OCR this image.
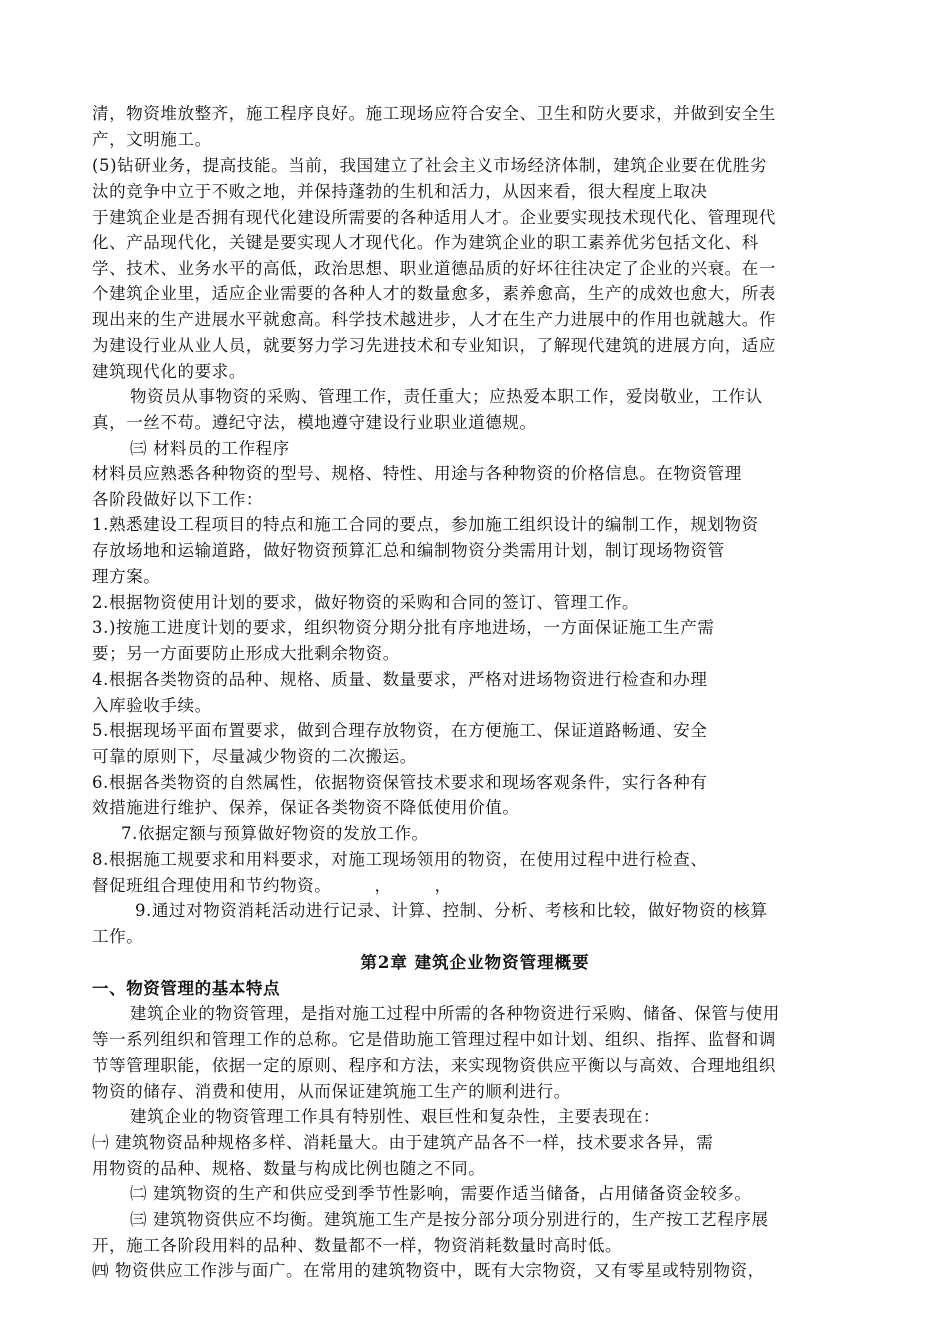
清，物资堆放整齐，施工程序良好。施工现场应符合安全、卫生和防火要求，并做到安全生
产，文明施工。
(5)钻研业务，提高技能。当前，我国建立了社会主义市场经济体制，建筑企业要在优胜劣
汰的竞争中立于不败之地，并保持蓬勃的生机和活力，从因来看，很大程度上取决
于建筑企业是否拥有现代化建设所需要的各种适用人才。企业要实现技术现代化、管理现代
化、产品现代化，关键是要实现人才现代化。作为建筑企业的职工素养优劣包括文化、科
学、技术、业务水平的高低，政治思想、职业道德品质的好坏往往决定了企业的兴衰。在一
个建筑企业里，适应企业需要的各种人才的数量愈多，素养愈高，生产的成效也愈大，所表
现出来的生产进展水平就愈高。科学技术越进步，人才在生产力进展中的作用也就越大。作
为建设行业从业人员，就要努力学习先进技术和专业知识，了解现代建筑的进展方向，适应
建筑现代化的要求。
物资员从事物资的采购、管理工作，责任重大；应热爱本职工作，爱岗敬业，工作认
真，一丝不苟。遵纪守法，模地遵守建设行业职业道德规。
㈢ 材料员的工作程序
材料员应熟悉各种物资的型号、规格、特性、用途与各种物资的价格信息。在物资管理
各阶段做好以下工作：
1.熟悉建设工程项目的特点和施工合同的要点，参加施工组织设计的编制工作，规划物资
存放场地和运输道路，做好物资预算汇总和编制物资分类需用计划，制订现场物资管
理方案。
2.根据物资使用计划的要求，做好物资的采购和合同的签订、管理工作。
3.)按施工进度计划的要求，组织物资分期分批有序地进场，一方面保证施工生产需
要；另一方面要防止形成大批剩余物资。
4.根据各类物资的品种、规格、质量、数量要求，严格对进场物资进行检查和办理
入库验收手续。
5.根据现场平面布置要求，做到合理存放物资，在方便施工、保证道路畅通、安全
可靠的原则下，尽量减少物资的二次搬运。
6.根据各类物资的自然属性，依据物资保管技术要求和现场客观条件，实行各种有
效措施进行维护、保养，保证各类物资不降低使用价值。
7.依据定额与预算做好物资的发放工作。
8.根据施工规要求和用料要求，对施工现场领用的物资，在使用过程中进行检查、
督促班组合理使用和节约物资。　　　，　　　，
9.通过对物资消耗活动进行记录、计算、控制、分析、考核和比较，做好物资的核算
工作。
第2章 建筑企业物资管理概要
一、物资管理的基本特点
建筑企业的物资管理，是指对施工过程中所需的各种物资进行采购、储备、保管与使用
等一系列组织和管理工作的总称。它是借助施工管理过程中如计划、组织、指挥、监督和调
节等管理职能，依据一定的原则、程序和方法，来实现物资供应平衡以与高效、合理地组织
物资的储存、消费和使用，从而保证建筑施工生产的顺利进行。
建筑企业的物资管理工作具有特别性、艰巨性和复杂性，主要表现在：
㈠ 建筑物资品种规格多样、消耗量大。由于建筑产品各不一样，技术要求各异，需
用物资的品种、规格、数量与构成比例也随之不同。
㈡ 建筑物资的生产和供应受到季节性影响，需要作适当储备，占用储备资金较多。
㈢ 建筑物资供应不均衡。建筑施工生产是按分部分项分别进行的，生产按工艺程序展
开，施工各阶段用料的品种、数量都不一样，物资消耗数量时高时低。
㈣ 物资供应工作涉与面广。在常用的建筑物资中，既有大宗物资，又有零星或特别物资，
